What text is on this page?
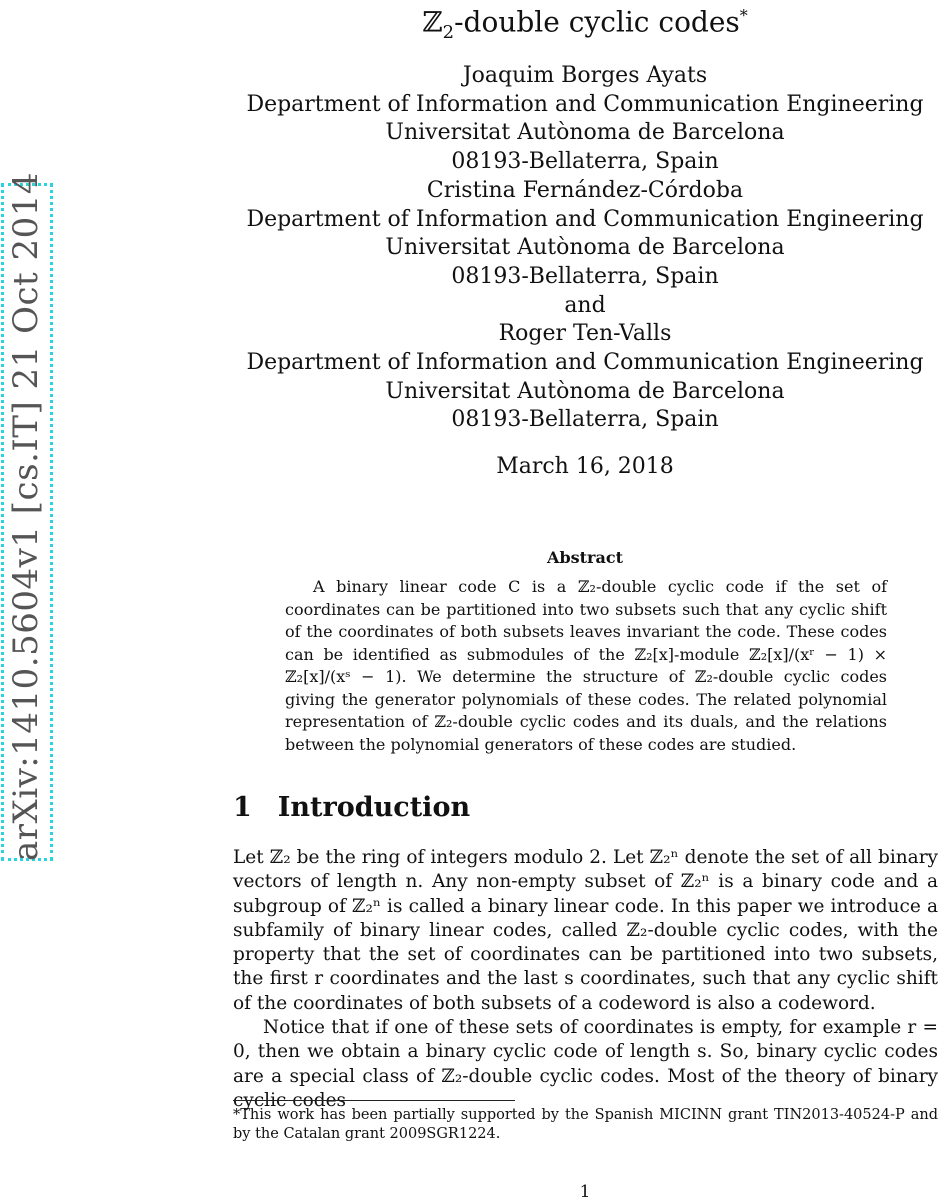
arXiv:1410.5604v1 [cs.IT] 21 Oct 2014
ℤ$_2$-double cyclic codes*
Joaquim Borges Ayats
Department of Information and Communication Engineering
Universitat Autònoma de Barcelona
08193-Bellaterra, Spain
Cristina Fernández-Córdoba
Department of Information and Communication Engineering
Universitat Autònoma de Barcelona
08193-Bellaterra, Spain
and
Roger Ten-Valls
Department of Information and Communication Engineering
Universitat Autònoma de Barcelona
08193-Bellaterra, Spain
March 16, 2018
Abstract
A binary linear code C is a ℤ₂-double cyclic code if the set of coordinates can be partitioned into two subsets such that any cyclic shift of the coordinates of both subsets leaves invariant the code. These codes can be identified as submodules of the ℤ₂[x]-module ℤ₂[x]/(xʳ − 1) × ℤ₂[x]/(xˢ − 1). We determine the structure of ℤ₂-double cyclic codes giving the generator polynomials of these codes. The related polynomial representation of ℤ₂-double cyclic codes and its duals, and the relations between the polynomial generators of these codes are studied.
1 Introduction

Let ℤ₂ be the ring of integers modulo 2. Let ℤ₂ⁿ denote the set of all binary vectors of length n. Any non-empty subset of ℤ₂ⁿ is a binary code and a subgroup of ℤ₂ⁿ is called a binary linear code. In this paper we introduce a subfamily of binary linear codes, called ℤ₂-double cyclic codes, with the property that the set of coordinates can be partitioned into two subsets, the first r coordinates and the last s coordinates, such that any cyclic shift of the coordinates of both subsets of a codeword is also a codeword.

Notice that if one of these sets of coordinates is empty, for example r = 0, then we obtain a binary cyclic code of length s. So, binary cyclic codes are a special class of ℤ₂-double cyclic codes. Most of the theory of binary cyclic codes

*This work has been partially supported by the Spanish MICINN grant TIN2013-40524-P and by the Catalan grant 2009SGR1224.
1
